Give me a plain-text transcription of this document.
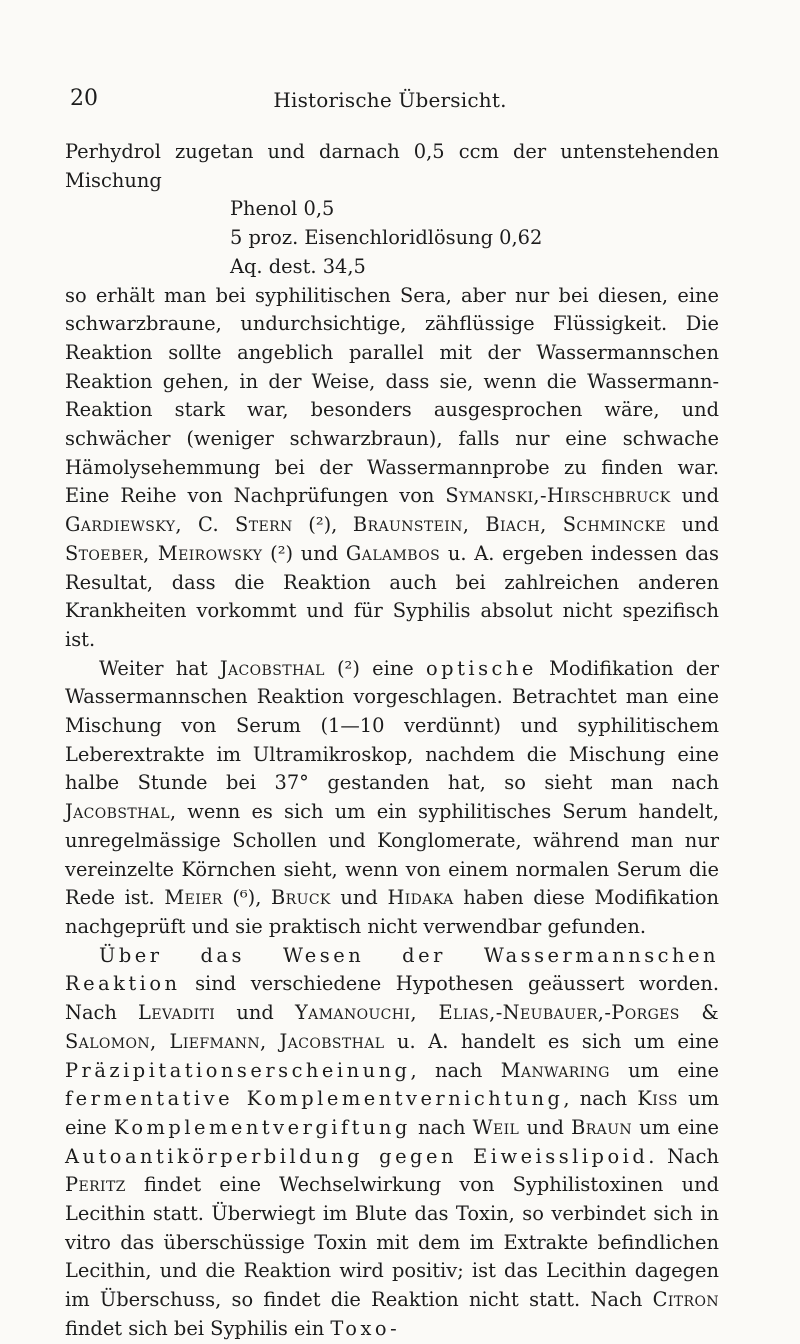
20	Historische Übersicht.

Perhydrol zugetan und darnach 0,5 ccm der untenstehenden Mischung

Phenol 0,5
5 proz. Eisenchloridlösung 0,62
Aq. dest. 34,5

so erhält man bei syphilitischen Sera, aber nur bei diesen, eine schwarzbraune, undurchsichtige, zähflüssige Flüssigkeit. Die Reaktion sollte angeblich parallel mit der Wassermannschen Reaktion gehen, in der Weise, dass sie, wenn die Wassermann-Reaktion stark war, besonders ausgesprochen wäre, und schwächer (weniger schwarzbraun), falls nur eine schwache Hämolysehemmung bei der Wassermannprobe zu finden war. Eine Reihe von Nachprüfungen von Symanski,-Hirschbruck und Gardiewsky, C. Stern (²), Braunstein, Biach, Schmincke und Stoeber, Meirowsky (²) und Galambos u. A. ergeben indessen das Resultat, dass die Reaktion auch bei zahlreichen anderen Krankheiten vorkommt und für Syphilis absolut nicht spezifisch ist.

Weiter hat Jacobsthal (²) eine optische Modifikation der Wassermannschen Reaktion vorgeschlagen. Betrachtet man eine Mischung von Serum (1—10 verdünnt) und syphilitischem Leberextrakte im Ultramikroskop, nachdem die Mischung eine halbe Stunde bei 37° gestanden hat, so sieht man nach Jacobsthal, wenn es sich um ein syphilitisches Serum handelt, unregelmässige Schollen und Konglomerate, während man nur vereinzelte Körnchen sieht, wenn von einem normalen Serum die Rede ist. Meier (⁶), Bruck und Hidaka haben diese Modifikation nachgeprüft und sie praktisch nicht verwendbar gefunden.

Über das Wesen der Wassermannschen Reaktion sind verschiedene Hypothesen geäussert worden. Nach Levaditi und Yamanouchi, Elias,-Neubauer,-Porges & Salomon, Liefmann, Jacobsthal u. A. handelt es sich um eine Präzipitationserscheinung, nach Manwaring um eine fermentative Komplementvernichtung, nach Kiss um eine Komplementvergiftung nach Weil und Braun um eine Autoantikörperbildung gegen Eiweisslipoid. Nach Peritz findet eine Wechselwirkung von Syphilistoxinen und Lecithin statt. Überwiegt im Blute das Toxin, so verbindet sich in vitro das überschüssige Toxin mit dem im Extrakte befindlichen Lecithin, und die Reaktion wird positiv; ist das Lecithin dagegen im Überschuss, so findet die Reaktion nicht statt. Nach Citron findet sich bei Syphilis ein Toxo-
